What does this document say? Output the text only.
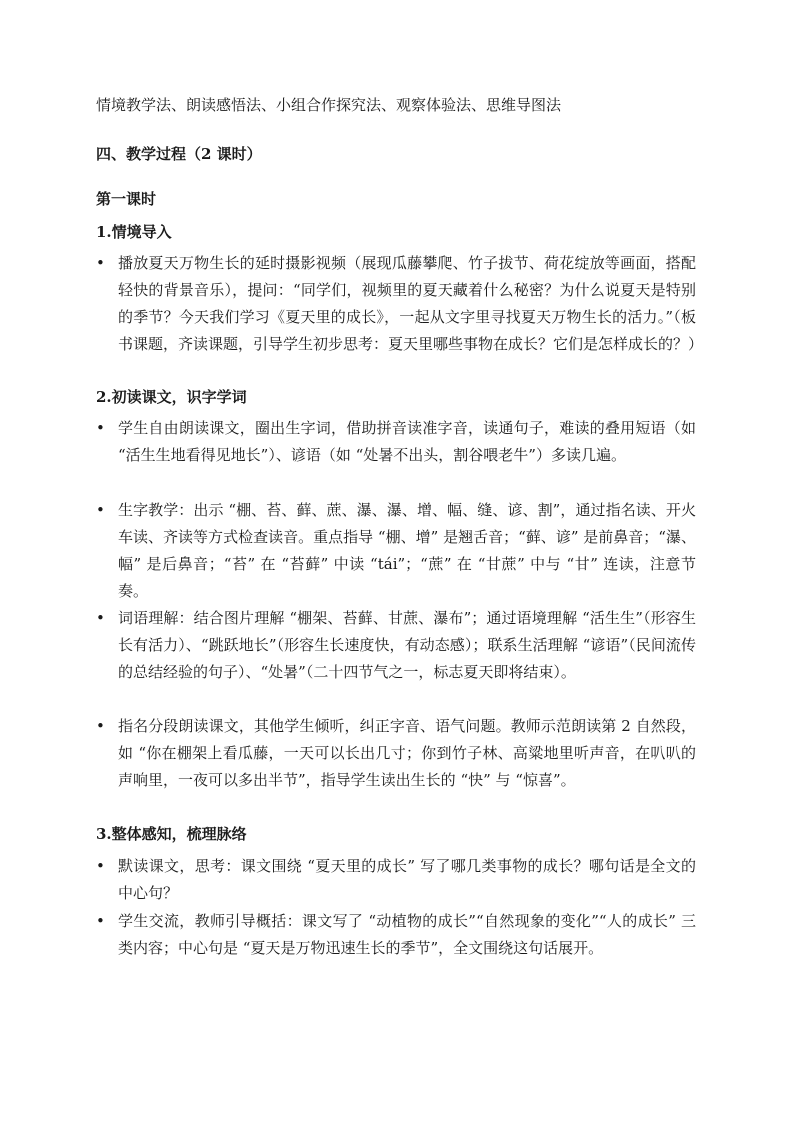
情境教学法、朗读感悟法、小组合作探究法、观察体验法、思维导图法
四、教学过程（2 课时）
第一课时
1.情境导入
• 播放夏天万物生长的延时摄影视频（展现瓜藤攀爬、竹子拔节、荷花绽放等画面，搭配轻快的背景音乐），提问：“同学们，视频里的夏天藏着什么秘密？为什么说夏天是特别的季节？今天我们学习《夏天里的成长》，一起从文字里寻找夏天万物生长的活力。”（板书课题，齐读课题，引导学生初步思考：夏天里哪些事物在成长？它们是怎样成长的？）
2.初读课文，识字学词
• 学生自由朗读课文，圈出生字词，借助拼音读准字音，读通句子，难读的叠用短语（如 “活生生地看得见地长”）、谚语（如 “处暑不出头，割谷喂老牛”）多读几遍。
• 生字教学：出示 “棚、苔、藓、蔗、瀑、瀑、增、幅、缝、谚、割”，通过指名读、开火车读、齐读等方式检查读音。重点指导 “棚、增” 是翘舌音；“藓、谚” 是前鼻音；“瀑、幅” 是后鼻音；“苔” 在 “苔藓” 中读 “tái”；“蔗” 在 “甘蔗” 中与 “甘” 连读，注意节奏。
• 词语理解：结合图片理解 “棚架、苔藓、甘蔗、瀑布”；通过语境理解 “活生生”（形容生长有活力）、“跳跃地长”（形容生长速度快，有动态感）；联系生活理解 “谚语”（民间流传的总结经验的句子）、“处暑”（二十四节气之一，标志夏天即将结束）。
• 指名分段朗读课文，其他学生倾听，纠正字音、语气问题。教师示范朗读第 2 自然段，如 “你在棚架上看瓜藤，一天可以长出几寸；你到竹子林、高粱地里听声音，在叭叭的声响里，一夜可以多出半节”，指导学生读出生长的 “快” 与 “惊喜”。
3.整体感知，梳理脉络
• 默读课文，思考：课文围绕 “夏天里的成长” 写了哪几类事物的成长？哪句话是全文的中心句？
• 学生交流，教师引导概括：课文写了 “动植物的成长”“自然现象的变化”“人的成长” 三类内容；中心句是 “夏天是万物迅速生长的季节”，全文围绕这句话展开。
